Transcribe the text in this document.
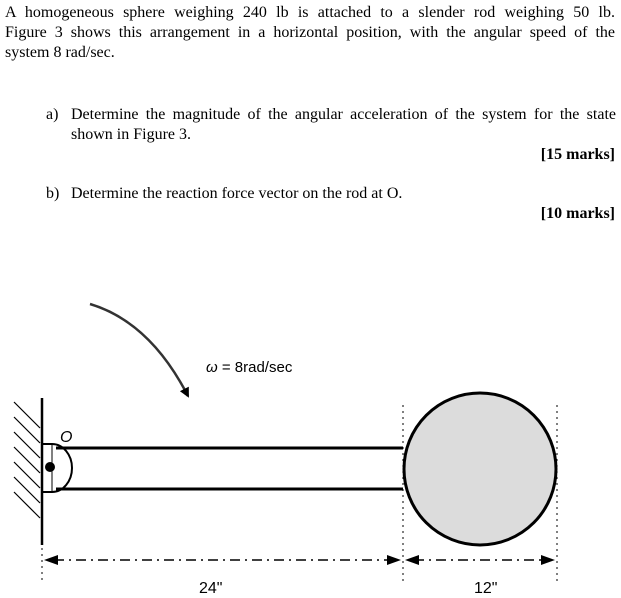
A homogeneous sphere weighing 240 lb is attached to a slender rod weighing 50 lb.
Figure 3 shows this arrangement in a horizontal position, with the angular speed of the
system 8 rad/sec.
a) Determine the magnitude of the angular acceleration of the system for the state
shown in Figure 3.
[15 marks]
b) Determine the reaction force vector on the rod at O.
[10 marks]
ω = 8rad/sec
O
24"	12"
